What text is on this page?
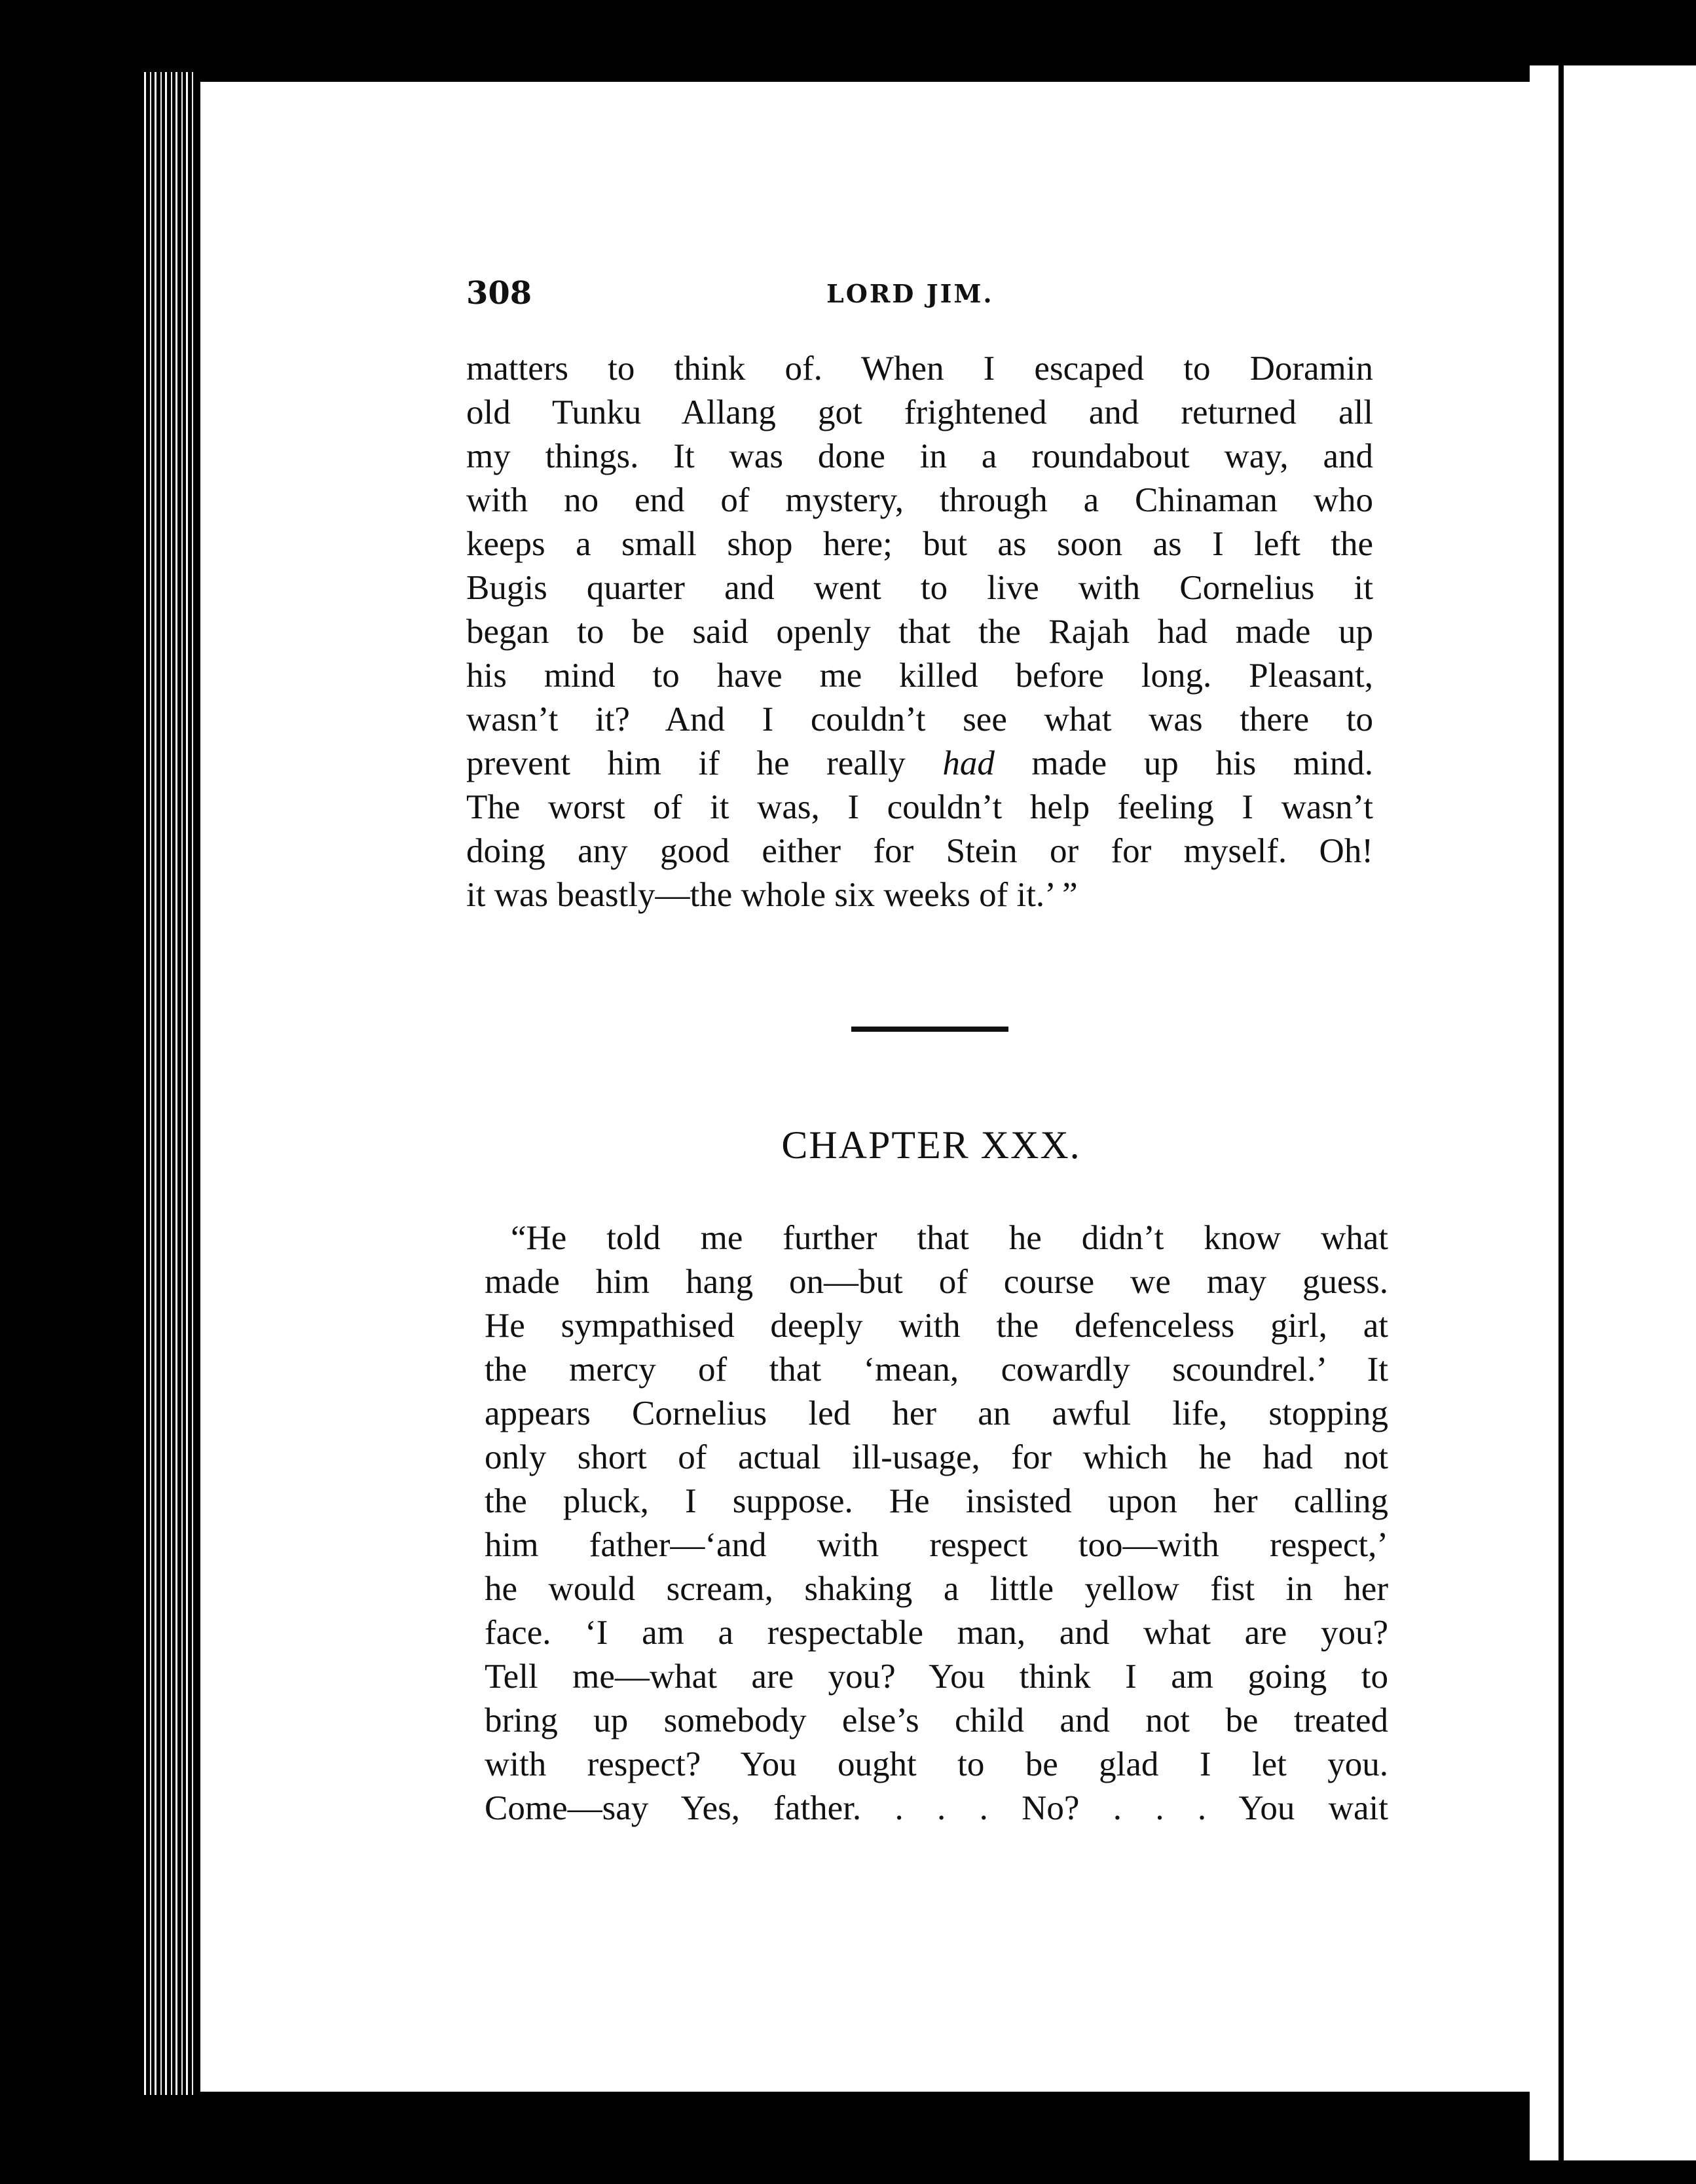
308	LORD JIM.
matters to think of. When I escaped to Doramin
old Tunku Allang got frightened and returned all
my things. It was done in a roundabout way, and
with no end of mystery, through a Chinaman who
keeps a small shop here; but as soon as I left the
Bugis quarter and went to live with Cornelius it
began to be said openly that the Rajah had made up
his mind to have me killed before long. Pleasant,
wasn’t it? And I couldn’t see what was there to
prevent him if he really had made up his mind.
The worst of it was, I couldn’t help feeling I wasn’t
doing any good either for Stein or for myself. Oh!
it was beastly—the whole six weeks of it.’ ”
CHAPTER XXX.
“He told me further that he didn’t know what
made him hang on—but of course we may guess.
He sympathised deeply with the defenceless girl, at
the mercy of that ‘mean, cowardly scoundrel.’ It
appears Cornelius led her an awful life, stopping
only short of actual ill-usage, for which he had not
the pluck, I suppose. He insisted upon her calling
him father—‘and with respect too—with respect,’
he would scream, shaking a little yellow fist in her
face. ‘I am a respectable man, and what are you?
Tell me—what are you? You think I am going to
bring up somebody else’s child and not be treated
with respect? You ought to be glad I let you.
Come—say Yes, father. . . . No? . . . You wait
